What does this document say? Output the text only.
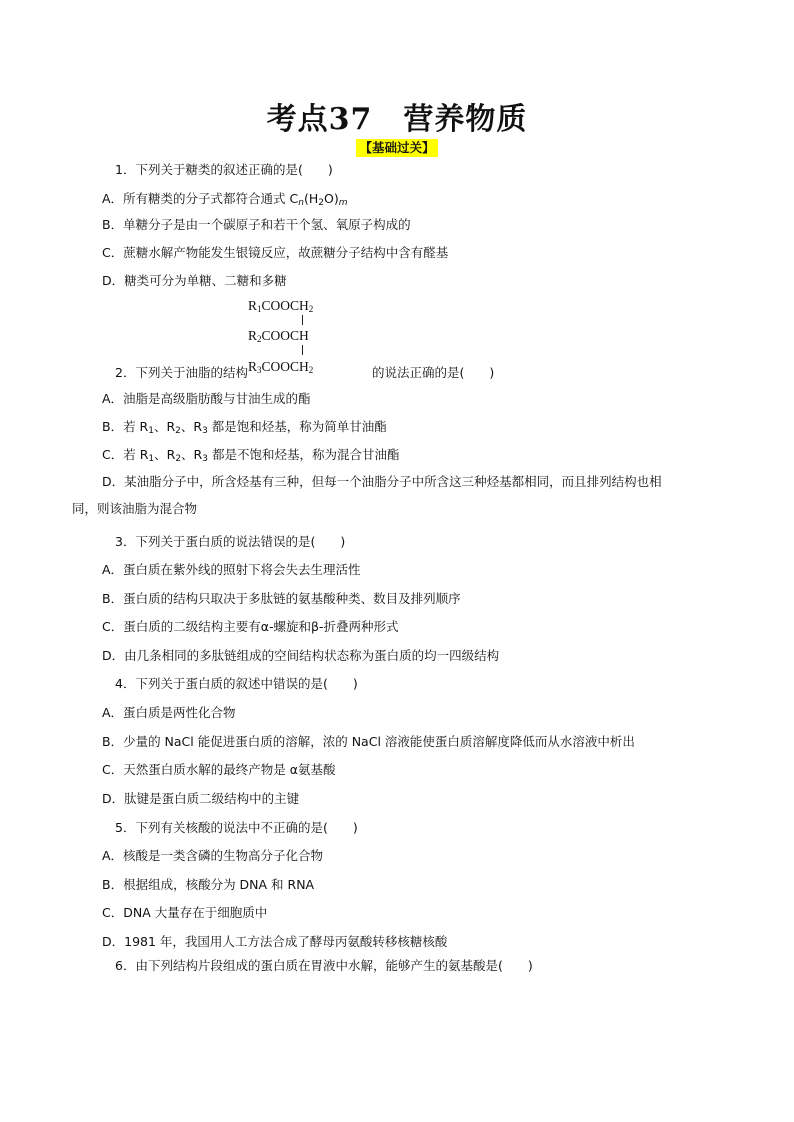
考点37　营养物质
【基础过关】
1．下列关于糖类的叙述正确的是(　　)
A．所有糖类的分子式都符合通式 $C_n(H_2O)_m$
B．单糖分子是由一个碳原子和若干个氢、氧原子构成的
C．蔗糖水解产物能发生银镜反应，故蔗糖分子结构中含有醛基
D．糖类可分为单糖、二糖和多糖
$R_1COOCH_2$
$R_2COOCH$
$R_3COOCH_2$
2．下列关于油脂的结构	的说法正确的是(　　)
A．油脂是高级脂肪酸与甘油生成的酯
B．若 $R_1$、$R_2$、$R_3$ 都是饱和烃基，称为简单甘油酯
C．若 $R_1$、$R_2$、$R_3$ 都是不饱和烃基，称为混合甘油酯
D．某油脂分子中，所含烃基有三种，但每一个油脂分子中所含这三种烃基都相同，而且排列结构也相
同，则该油脂为混合物
3．下列关于蛋白质的说法错误的是(　　)
A．蛋白质在紫外线的照射下将会失去生理活性
B．蛋白质的结构只取决于多肽链的氨基酸种类、数目及排列顺序
C．蛋白质的二级结构主要有α-螺旋和β-折叠两种形式
D．由几条相同的多肽链组成的空间结构状态称为蛋白质的均一四级结构
4．下列关于蛋白质的叙述中错误的是(　　)
A．蛋白质是两性化合物
B．少量的 NaCl 能促进蛋白质的溶解，浓的 NaCl 溶液能使蛋白质溶解度降低而从水溶液中析出
C．天然蛋白质水解的最终产物是 α氨基酸
D．肽键是蛋白质二级结构中的主键
5．下列有关核酸的说法中不正确的是(　　)
A．核酸是一类含磷的生物高分子化合物
B．根据组成，核酸分为 DNA 和 RNA
C．DNA 大量存在于细胞质中
D．1981 年，我国用人工方法合成了酵母丙氨酸转移核糖核酸
6．由下列结构片段组成的蛋白质在胃液中水解，能够产生的氨基酸是(　　)
